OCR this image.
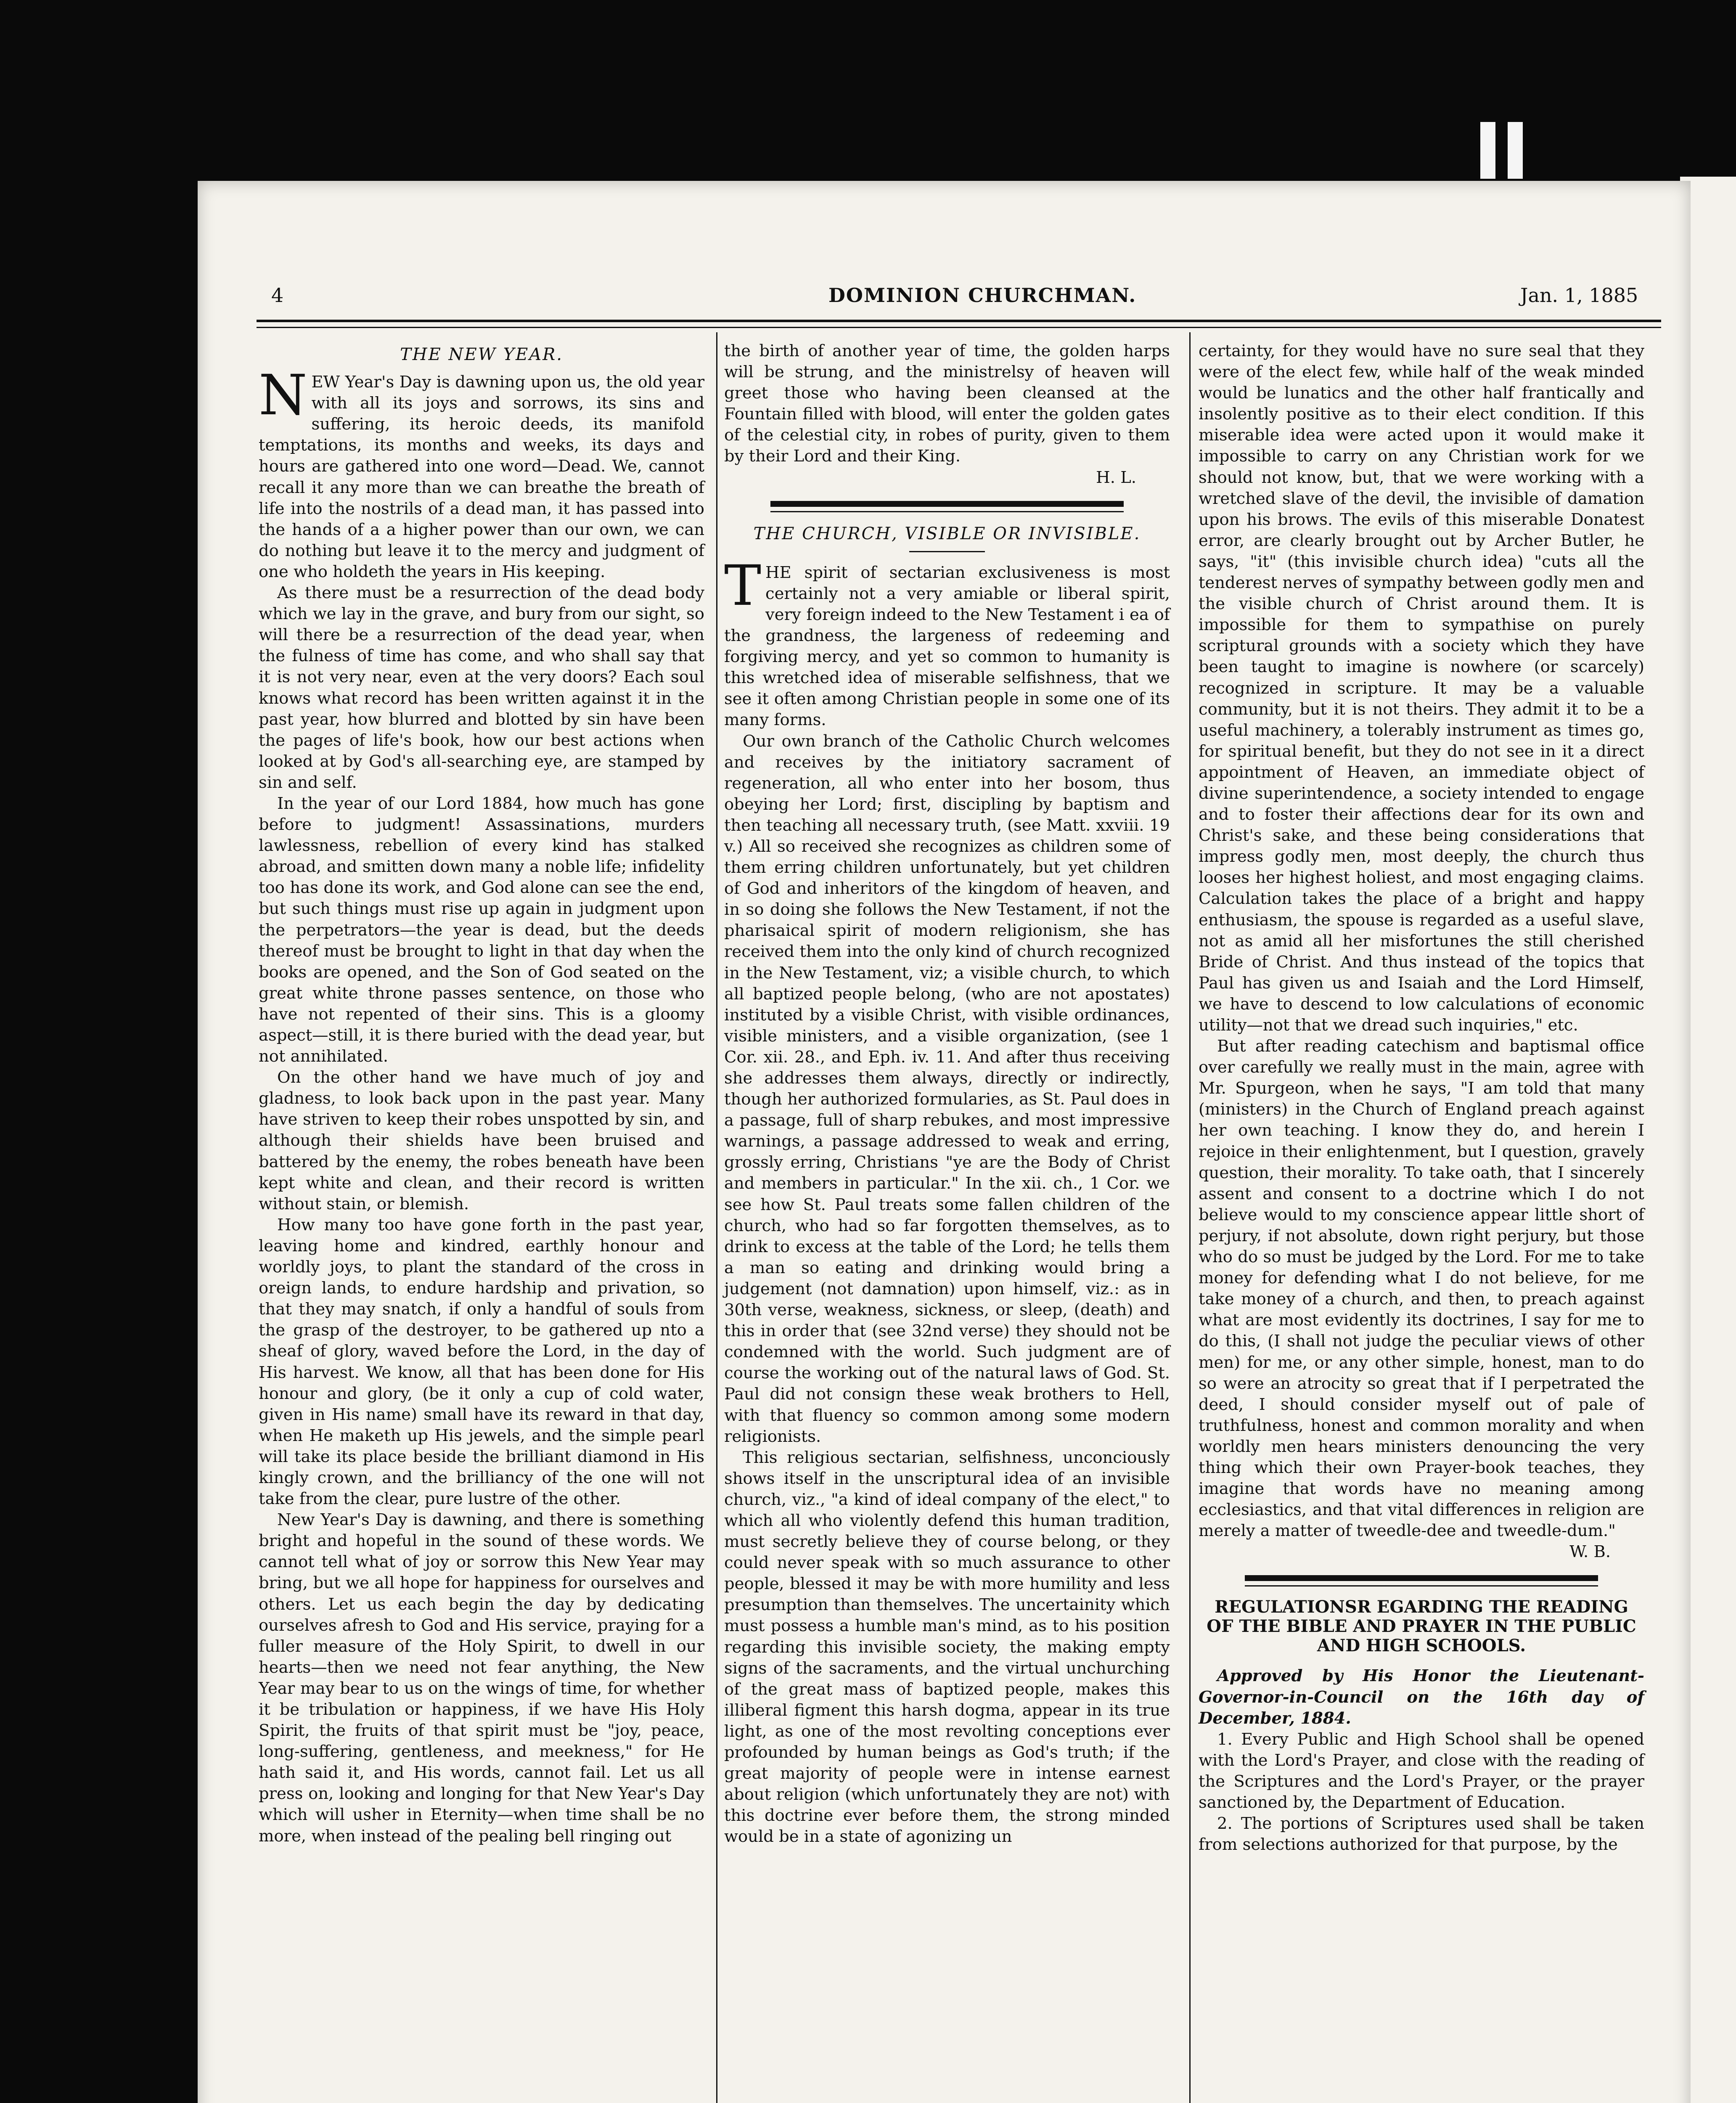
4	DOMINION CHURCHMAN.	Jan. 1, 1885
THE NEW YEAR.

NEW Year's Day is dawning upon us, the old year with all its joys and sorrows, its sins and suffering, its heroic deeds, its manifold temptations, its months and weeks, its days and hours are gathered into one word—Dead. We, cannot recall it any more than we can breathe the breath of life into the nostrils of a dead man, it has passed into the hands of a a higher power than our own, we can do nothing but leave it to the mercy and judgment of one who holdeth the years in His keeping.

As there must be a resurrection of the dead body which we lay in the grave, and bury from our sight, so will there be a resurrection of the dead year, when the fulness of time has come, and who shall say that it is not very near, even at the very doors? Each soul knows what record has been written against it in the past year, how blurred and blotted by sin have been the pages of life's book, how our best actions when looked at by God's all-searching eye, are stamped by sin and self.

In the year of our Lord 1884, how much has gone before to judgment! Assassinations, murders lawlessness, rebellion of every kind has stalked abroad, and smitten down many a noble life; infidelity too has done its work, and God alone can see the end, but such things must rise up again in judgment upon the perpetrators—the year is dead, but the deeds thereof must be brought to light in that day when the books are opened, and the Son of God seated on the great white throne passes sentence, on those who have not repented of their sins. This is a gloomy aspect—still, it is there buried with the dead year, but not annihilated.

On the other hand we have much of joy and gladness, to look back upon in the past year. Many have striven to keep their robes unspotted by sin, and although their shields have been bruised and battered by the enemy, the robes beneath have been kept white and clean, and their record is written without stain, or blemish.

How many too have gone forth in the past year, leaving home and kindred, earthly honour and worldly joys, to plant the standard of the cross in oreign lands, to endure hardship and privation, so that they may snatch, if only a handful of souls from the grasp of the destroyer, to be gathered up nto a sheaf of glory, waved before the Lord, in the day of His harvest. We know, all that has been done for His honour and glory, (be it only a cup of cold water, given in His name) small have its reward in that day, when He maketh up His jewels, and the simple pearl will take its place beside the brilliant diamond in His kingly crown, and the brilliancy of the one will not take from the clear, pure lustre of the other.

New Year's Day is dawning, and there is something bright and hopeful in the sound of these words. We cannot tell what of joy or sorrow this New Year may bring, but we all hope for happiness for ourselves and others. Let us each begin the day by dedicating ourselves afresh to God and His service, praying for a fuller measure of the Holy Spirit, to dwell in our hearts—then we need not fear anything, the New Year may bear to us on the wings of time, for whether it be tribulation or happiness, if we have His Holy Spirit, the fruits of that spirit must be "joy, peace, long-suffering, gentleness, and meekness," for He hath said it, and His words, cannot fail. Let us all press on, looking and longing for that New Year's Day which will usher in Eternity—when time shall be no more, when instead of the pealing bell ringing out

the birth of another year of time, the golden harps will be strung, and the ministrelsy of heaven will greet those who having been cleansed at the Fountain filled with blood, will enter the golden gates of the celestial city, in robes of purity, given to them by their Lord and their King.

H. L.
THE CHURCH, VISIBLE OR INVISIBLE.

THE spirit of sectarian exclusiveness is most certainly not a very amiable or liberal spirit, very foreign indeed to the New Testament i ea of the grandness, the largeness of redeeming and forgiving mercy, and yet so common to humanity is this wretched idea of miserable selfishness, that we see it often among Christian people in some one of its many forms.

Our own branch of the Catholic Church welcomes and receives by the initiatory sacrament of regeneration, all who enter into her bosom, thus obeying her Lord; first, discipling by baptism and then teaching all necessary truth, (see Matt. xxviii. 19 v.) All so received she recognizes as children some of them erring children unfortunately, but yet children of God and inheritors of the kingdom of heaven, and in so doing she follows the New Testament, if not the pharisaical spirit of modern religionism, she has received them into the only kind of church recognized in the New Testament, viz; a visible church, to which all baptized people belong, (who are not apostates) instituted by a visible Christ, with visible ordinances, visible ministers, and a visible organization, (see 1 Cor. xii. 28., and Eph. iv. 11. And after thus receiving she addresses them always, directly or indirectly, though her authorized formularies, as St. Paul does in a passage, full of sharp rebukes, and most impressive warnings, a passage addressed to weak and erring, grossly erring, Christians "ye are the Body of Christ and members in particular." In the xii. ch., 1 Cor. we see how St. Paul treats some fallen children of the church, who had so far forgotten themselves, as to drink to excess at the table of the Lord; he tells them a man so eating and drinking would bring a judgement (not damnation) upon himself, viz.: as in 30th verse, weakness, sickness, or sleep, (death) and this in order that (see 32nd verse) they should not be condemned with the world. Such judgment are of course the working out of the natural laws of God. St. Paul did not consign these weak brothers to Hell, with that fluency so common among some modern religionists.

This religious sectarian, selfishness, unconciously shows itself in the unscriptural idea of an invisible church, viz., "a kind of ideal company of the elect," to which all who violently defend this human tradition, must secretly believe they of course belong, or they could never speak with so much assurance to other people, blessed it may be with more humility and less presumption than themselves. The uncertainity which must possess a humble man's mind, as to his position regarding this invisible society, the making empty signs of the sacraments, and the virtual unchurching of the great mass of baptized people, makes this illiberal figment this harsh dogma, appear in its true light, as one of the most revolting conceptions ever profounded by human beings as God's truth; if the great majority of people were in intense earnest about religion (which unfortunately they are not) with this doctrine ever before them, the strong minded would be in a state of agonizing un

certainty, for they would have no sure seal that they were of the elect few, while half of the weak minded would be lunatics and the other half frantically and insolently positive as to their elect condition. If this miserable idea were acted upon it would make it impossible to carry on any Christian work for we should not know, but, that we were working with a wretched slave of the devil, the invisible of damation upon his brows. The evils of this miserable Donatest error, are clearly brought out by Archer Butler, he says, "it" (this invisible church idea) "cuts all the tenderest nerves of sympathy between godly men and the visible church of Christ around them. It is impossible for them to sympathise on purely scriptural grounds with a society which they have been taught to imagine is nowhere (or scarcely) recognized in scripture. It may be a valuable community, but it is not theirs. They admit it to be a useful machinery, a tolerably instrument as times go, for spiritual benefit, but they do not see in it a direct appointment of Heaven, an immediate object of divine superintendence, a society intended to engage and to foster their affections dear for its own and Christ's sake, and these being considerations that impress godly men, most deeply, the church thus looses her highest holiest, and most engaging claims. Calculation takes the place of a bright and happy enthusiasm, the spouse is regarded as a useful slave, not as amid all her misfortunes the still cherished Bride of Christ. And thus instead of the topics that Paul has given us and Isaiah and the Lord Himself, we have to descend to low calculations of economic utility—not that we dread such inquiries," etc.

But after reading catechism and baptismal office over carefully we really must in the main, agree with Mr. Spurgeon, when he says, "I am told that many (ministers) in the Church of England preach against her own teaching. I know they do, and herein I rejoice in their enlightenment, but I question, gravely question, their morality. To take oath, that I sincerely assent and consent to a doctrine which I do not believe would to my conscience appear little short of perjury, if not absolute, down right perjury, but those who do so must be judged by the Lord. For me to take money for defending what I do not believe, for me take money of a church, and then, to preach against what are most evidently its doctrines, I say for me to do this, (I shall not judge the peculiar views of other men) for me, or any other simple, honest, man to do so were an atrocity so great that if I perpetrated the deed, I should consider myself out of pale of truthfulness, honest and common morality and when worldly men hears ministers denouncing the very thing which their own Prayer-book teaches, they imagine that words have no meaning among ecclesiastics, and that vital differences in religion are merely a matter of tweedle-dee and tweedle-dum."

W. B.
REGULATIONSR EGARDING THE READING OF THE BIBLE AND PRAYER IN THE PUBLIC AND HIGH SCHOOLS.

Approved by His Honor the Lieutenant-Governor-in-Council on the 16th day of December, 1884.

1. Every Public and High School shall be opened with the Lord's Prayer, and close with the reading of the Scriptures and the Lord's Prayer, or the prayer sanctioned by, the Department of Education.

2. The portions of Scriptures used shall be taken from selections authorized for that purpose, by the
